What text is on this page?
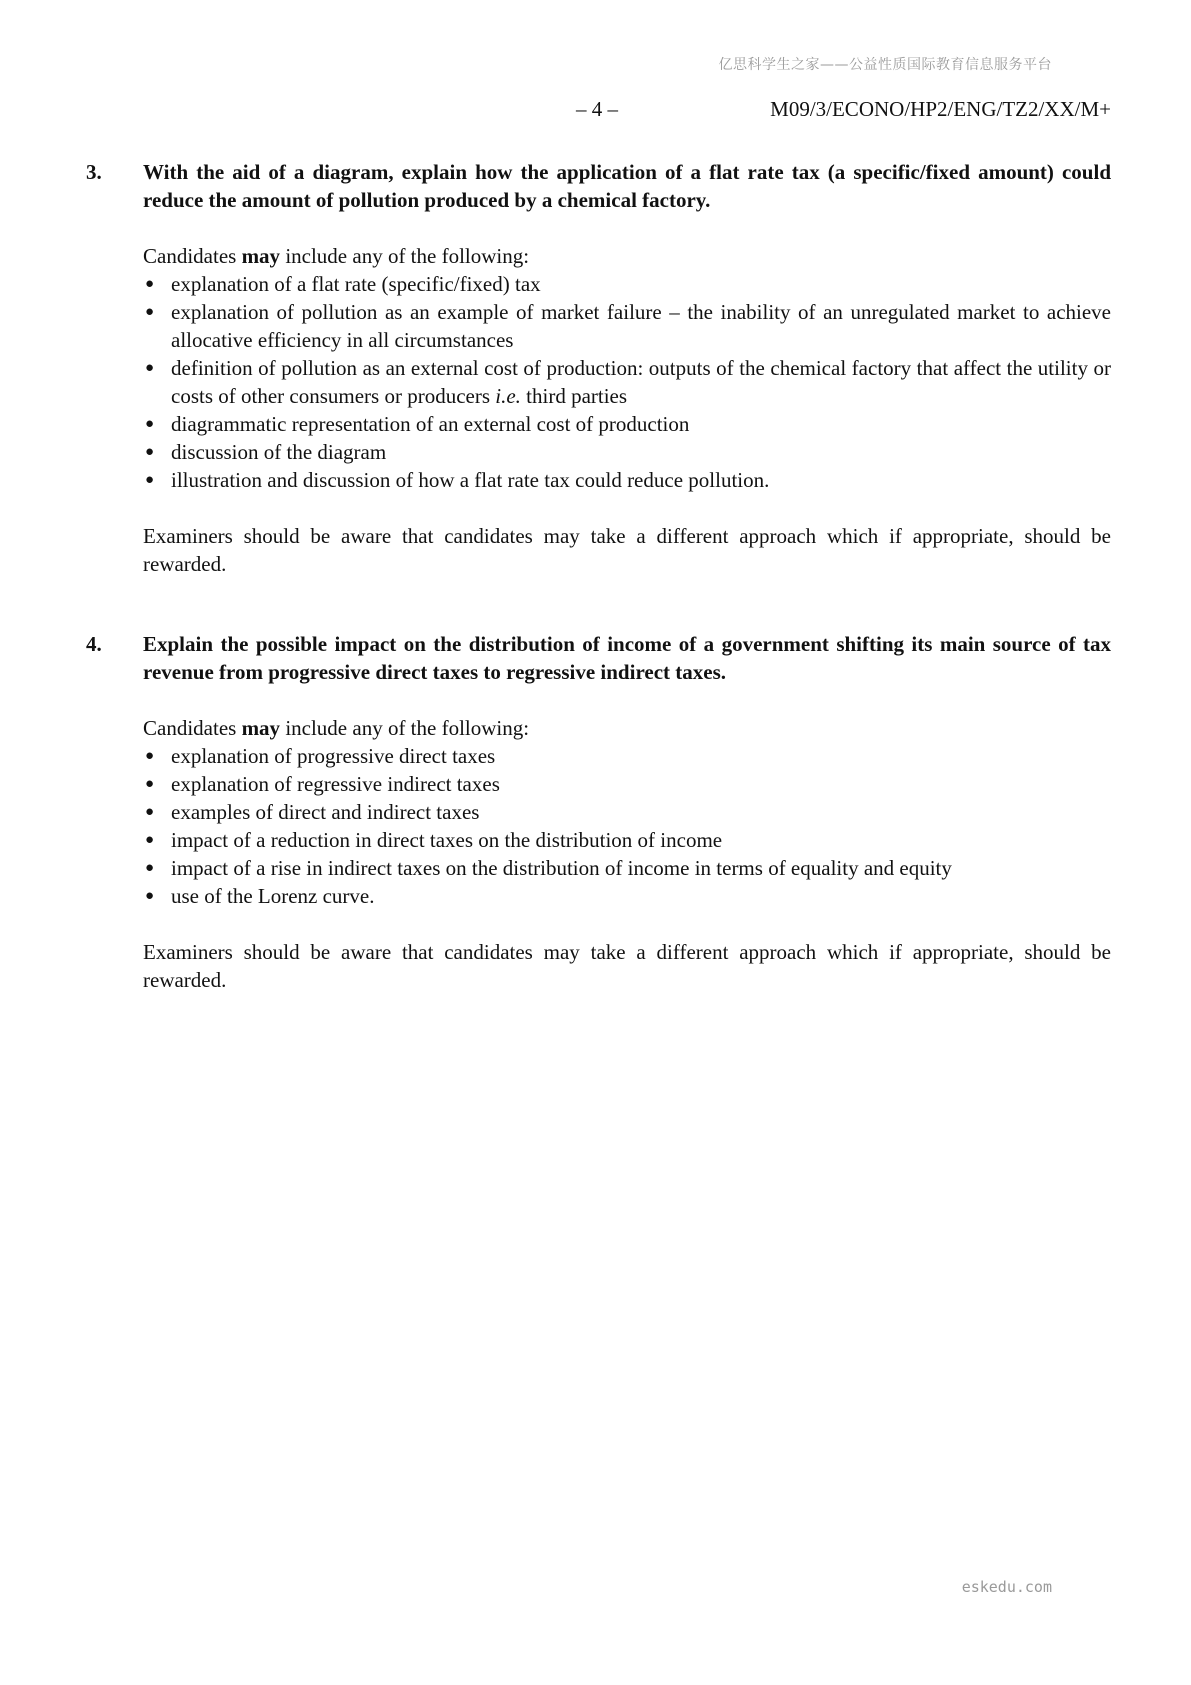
亿思科学生之家——公益性质国际教育信息服务平台
– 4 –	M09/3/ECONO/HP2/ENG/TZ2/XX/M+
3. With the aid of a diagram, explain how the application of a flat rate tax (a specific/fixed amount) could reduce the amount of pollution produced by a chemical factory.
Candidates may include any of the following:
● explanation of a flat rate (specific/fixed) tax
● explanation of pollution as an example of market failure – the inability of an unregulated market to achieve allocative efficiency in all circumstances
● definition of pollution as an external cost of production: outputs of the chemical factory that affect the utility or costs of other consumers or producers i.e. third parties
● diagrammatic representation of an external cost of production
● discussion of the diagram
● illustration and discussion of how a flat rate tax could reduce pollution.
Examiners should be aware that candidates may take a different approach which if appropriate, should be rewarded.
4. Explain the possible impact on the distribution of income of a government shifting its main source of tax revenue from progressive direct taxes to regressive indirect taxes.
Candidates may include any of the following:
● explanation of progressive direct taxes
● explanation of regressive indirect taxes
● examples of direct and indirect taxes
● impact of a reduction in direct taxes on the distribution of income
● impact of a rise in indirect taxes on the distribution of income in terms of equality and equity
● use of the Lorenz curve.
Examiners should be aware that candidates may take a different approach which if appropriate, should be rewarded.
eskedu.com
